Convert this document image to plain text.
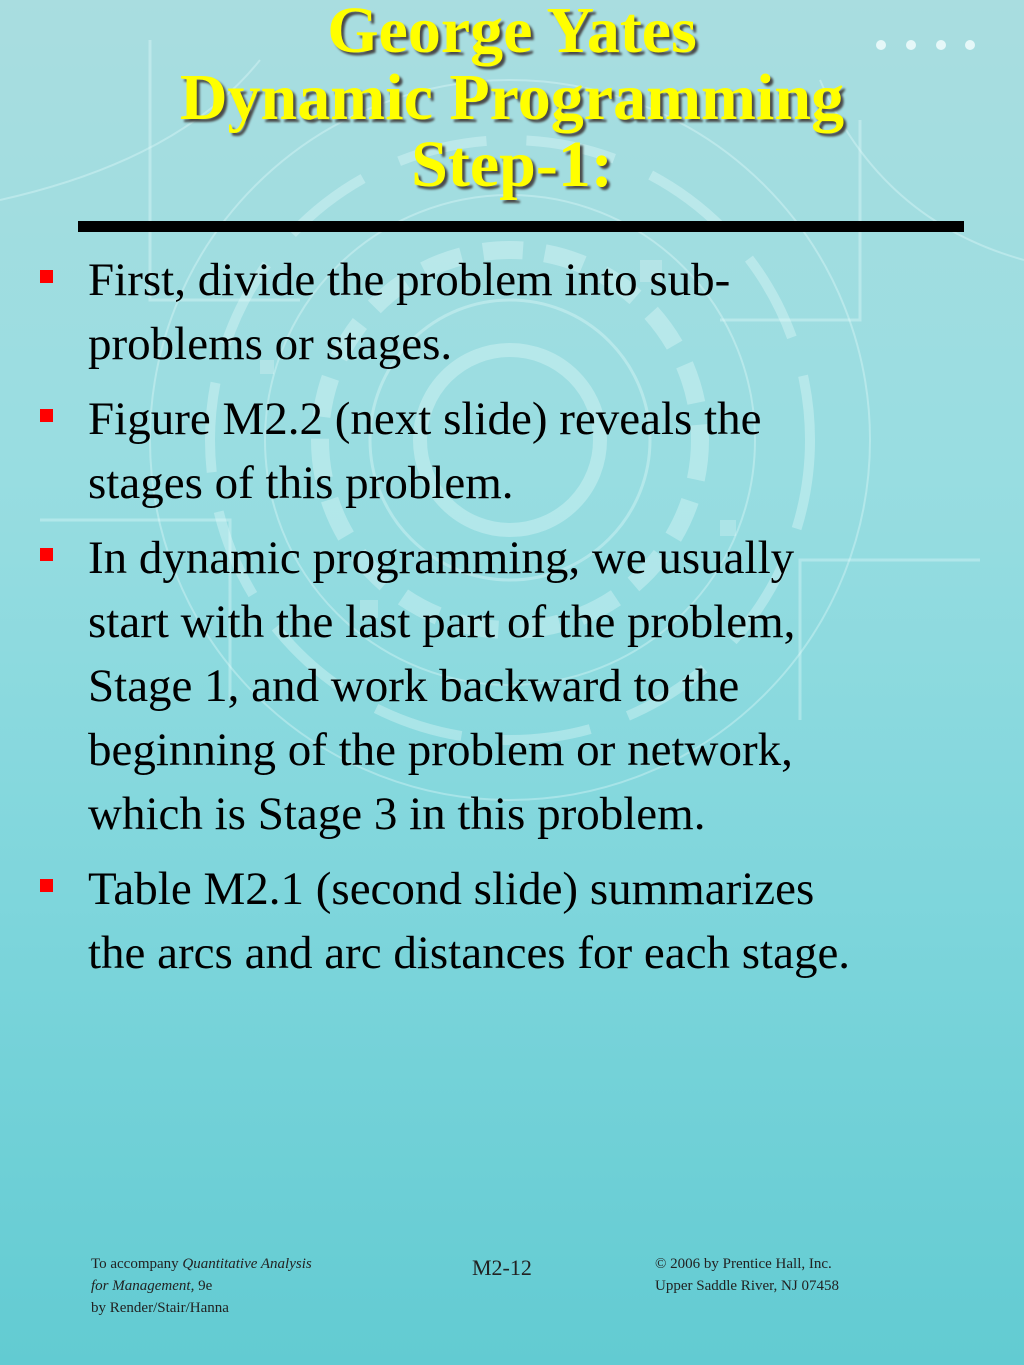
George Yates
Dynamic Programming
Step-1:
First, divide the problem into sub-
problems or stages.
Figure M2.2 (next slide) reveals the
stages of this problem.
In dynamic programming, we usually
start with the last part of the problem,
Stage 1, and work backward to the
beginning of the problem or network,
which is Stage 3 in this problem.
Table M2.1 (second slide) summarizes
the arcs and arc distances for each stage.
To accompany Quantitative Analysis
for Management, 9e
by Render/Stair/Hanna
M2-12	© 2006 by Prentice Hall, Inc.
Upper Saddle River, NJ 07458
